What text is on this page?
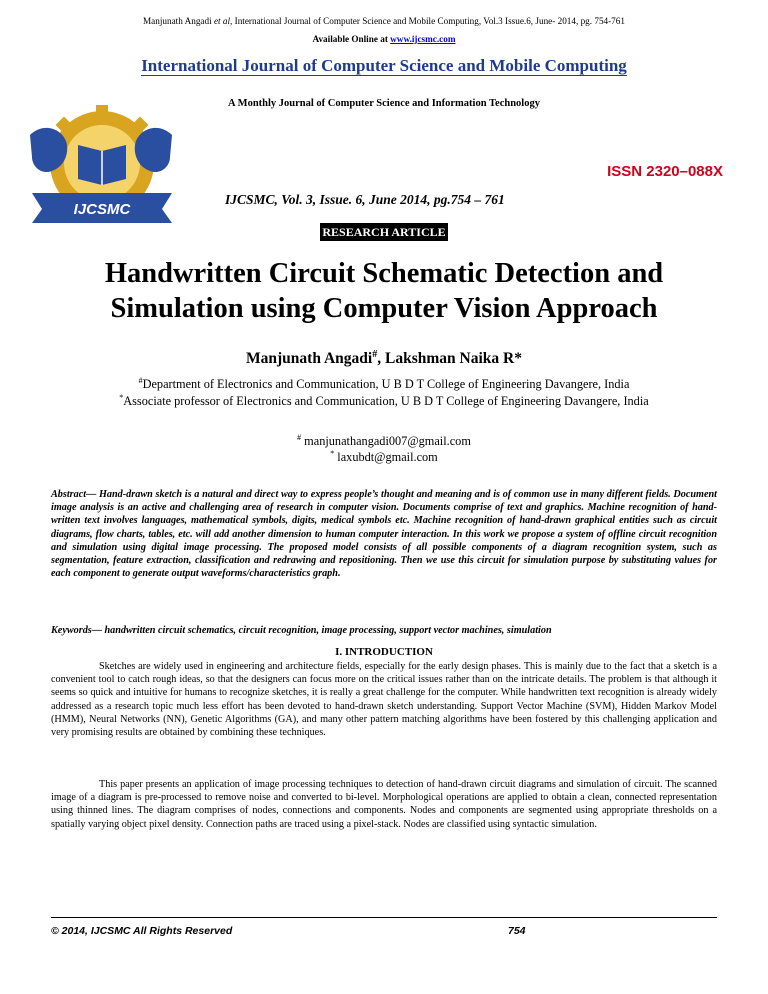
Manjunath Angadi et al, International Journal of Computer Science and Mobile Computing, Vol.3 Issue.6, June- 2014, pg. 754-761
Available Online at www.ijcsmc.com
International Journal of Computer Science and Mobile Computing
A Monthly Journal of Computer Science and Information Technology
IJCSMC
ISSN 2320–088X
IJCSMC, Vol. 3, Issue. 6, June 2014, pg.754 – 761
RESEARCH ARTICLE
Handwritten Circuit Schematic Detection and
Simulation using Computer Vision Approach
Manjunath Angadi#, Lakshman Naika R*
#Department of Electronics and Communication, U B D T College of Engineering Davangere, India
*Associate professor of Electronics and Communication, U B D T College of Engineering Davangere, India
# manjunathangadi007@gmail.com
* laxubdt@gmail.com
Abstract— Hand-drawn sketch is a natural and direct way to express people’s thought and meaning and is of common use in many different fields. Document image analysis is an active and challenging area of research in computer vision. Documents comprise of text and graphics. Machine recognition of hand-written text involves languages, mathematical symbols, digits, medical symbols etc. Machine recognition of hand-drawn graphical entities such as circuit diagrams, flow charts, tables, etc. will add another dimension to human computer interaction. In this work we propose a system of offline circuit recognition and simulation using digital image processing. The proposed model consists of all possible components of a diagram recognition system, such as segmentation, feature extraction, classification and redrawing and repositioning. Then we use this circuit for simulation purpose by substituting values for each component to generate output waveforms/characteristics graph.
Keywords— handwritten circuit schematics, circuit recognition, image processing, support vector machines, simulation
I. INTRODUCTION
Sketches are widely used in engineering and architecture fields, especially for the early design phases. This is mainly due to the fact that a sketch is a convenient tool to catch rough ideas, so that the designers can focus more on the critical issues rather than on the intricate details. The problem is that although it seems so quick and intuitive for humans to recognize sketches, it is really a great challenge for the computer. While handwritten text recognition is already widely addressed as a research topic much less effort has been devoted to hand-drawn sketch understanding. Support Vector Machine (SVM), Hidden Markov Model (HMM), Neural Networks (NN), Genetic Algorithms (GA), and many other pattern matching algorithms have been fostered by this challenging application and very promising results are obtained by combining these techniques.
This paper presents an application of image processing techniques to detection of hand-drawn circuit diagrams and simulation of circuit. The scanned image of a diagram is pre-processed to remove noise and converted to bi-level. Morphological operations are applied to obtain a clean, connected representation using thinned lines. The diagram comprises of nodes, connections and components. Nodes and components are segmented using appropriate thresholds on a spatially varying object pixel density. Connection paths are traced using a pixel-stack. Nodes are classified using syntactic simulation.
© 2014, IJCSMC All Rights Reserved	754
